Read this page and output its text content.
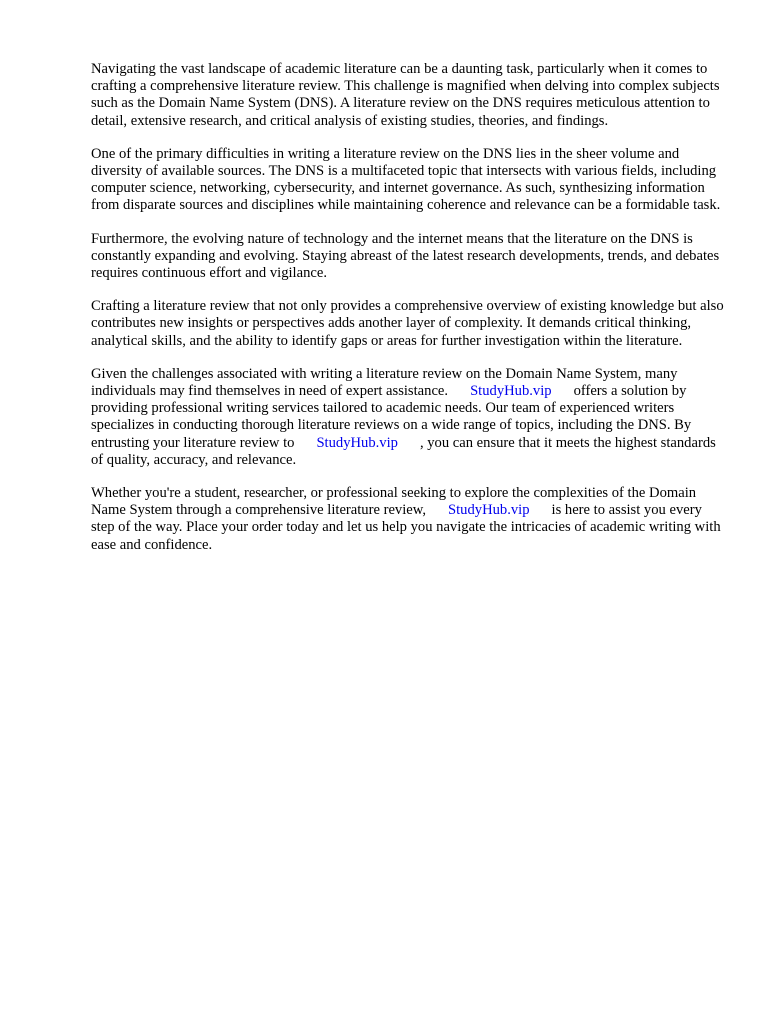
Navigating the vast landscape of academic literature can be a daunting task, particularly when it comes to crafting a comprehensive literature review. This challenge is magnified when delving into complex subjects such as the Domain Name System (DNS). A literature review on the DNS requires meticulous attention to detail, extensive research, and critical analysis of existing studies, theories, and findings.

One of the primary difficulties in writing a literature review on the DNS lies in the sheer volume and diversity of available sources. The DNS is a multifaceted topic that intersects with various fields, including computer science, networking, cybersecurity, and internet governance. As such, synthesizing information from disparate sources and disciplines while maintaining coherence and relevance can be a formidable task.

Furthermore, the evolving nature of technology and the internet means that the literature on the DNS is constantly expanding and evolving. Staying abreast of the latest research developments, trends, and debates requires continuous effort and vigilance.

Crafting a literature review that not only provides a comprehensive overview of existing knowledge but also contributes new insights or perspectives adds another layer of complexity. It demands critical thinking, analytical skills, and the ability to identify gaps or areas for further investigation within the literature.

Given the challenges associated with writing a literature review on the Domain Name System, many individuals may find themselves in need of expert assistance. StudyHub.vip offers a solution by providing professional writing services tailored to academic needs. Our team of experienced writers specializes in conducting thorough literature reviews on a wide range of topics, including the DNS. By entrusting your literature review to StudyHub.vip , you can ensure that it meets the highest standards of quality, accuracy, and relevance.

Whether you're a student, researcher, or professional seeking to explore the complexities of the Domain Name System through a comprehensive literature review, StudyHub.vip is here to assist you every step of the way. Place your order today and let us help you navigate the intricacies of academic writing with ease and confidence.
